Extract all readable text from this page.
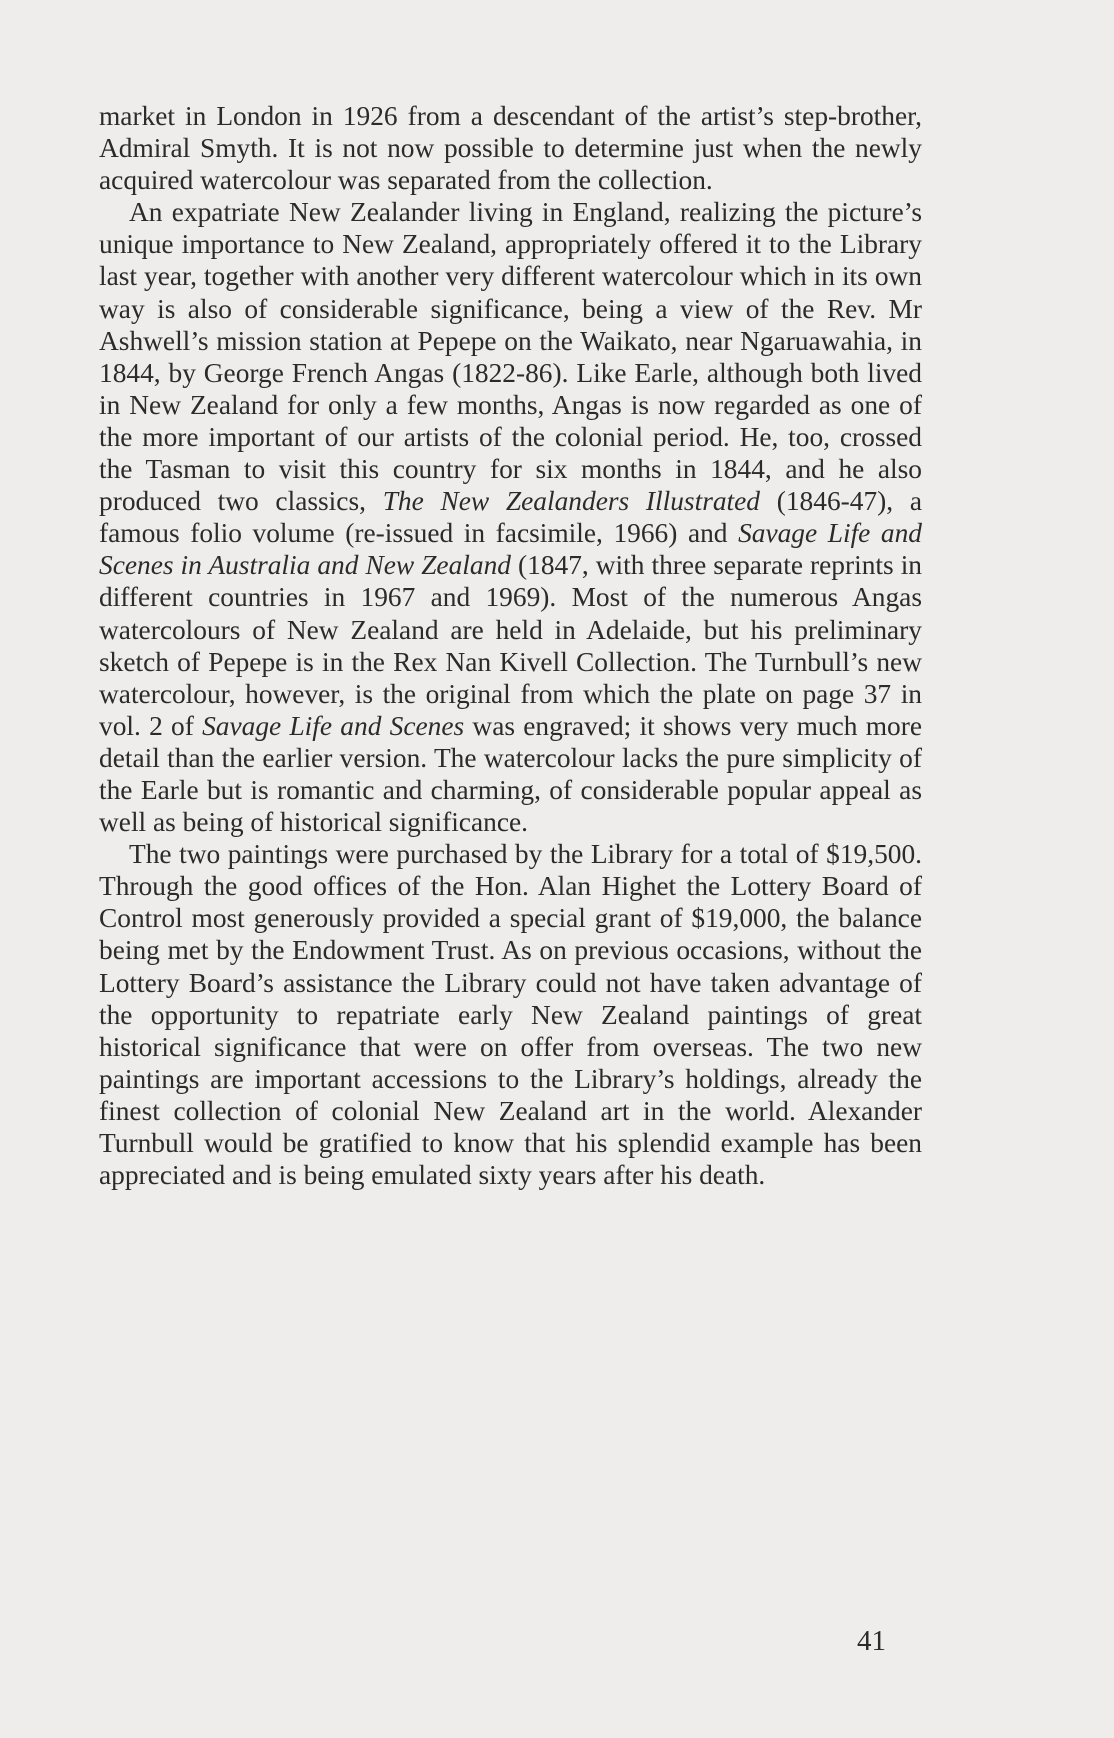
market in London in 1926 from a descendant of the artist’s step-brother, Admiral Smyth. It is not now possible to determine just when the newly acquired watercolour was separated from the collection.

An expatriate New Zealander living in England, realizing the picture’s unique importance to New Zealand, appropriately offered it to the Library last year, together with another very different watercolour which in its own way is also of considerable significance, being a view of the Rev. Mr Ashwell’s mission station at Pepepe on the Waikato, near Ngaruawahia, in 1844, by George French Angas (1822-86). Like Earle, although both lived in New Zealand for only a few months, Angas is now regarded as one of the more important of our artists of the colonial period. He, too, crossed the Tasman to visit this country for six months in 1844, and he also produced two classics, The New Zealanders Illustrated (1846-47), a famous folio volume (re-issued in facsimile, 1966) and Savage Life and Scenes in Australia and New Zealand (1847, with three separate reprints in different countries in 1967 and 1969). Most of the numerous Angas watercolours of New Zealand are held in Adelaide, but his preliminary sketch of Pepepe is in the Rex Nan Kivell Collection. The Turnbull’s new watercolour, however, is the original from which the plate on page 37 in vol. 2 of Savage Life and Scenes was engraved; it shows very much more detail than the earlier version. The watercolour lacks the pure simplicity of the Earle but is romantic and charming, of considerable popular appeal as well as being of historical significance.

The two paintings were purchased by the Library for a total of $19,500. Through the good offices of the Hon. Alan Highet the Lottery Board of Control most generously provided a special grant of $19,000, the balance being met by the Endowment Trust. As on previous occasions, without the Lottery Board’s assistance the Library could not have taken advantage of the opportunity to repatriate early New Zealand paintings of great historical significance that were on offer from overseas. The two new paintings are important accessions to the Library’s holdings, already the finest collection of colonial New Zealand art in the world. Alexander Turnbull would be gratified to know that his splendid example has been appreciated and is being emulated sixty years after his death.

41
